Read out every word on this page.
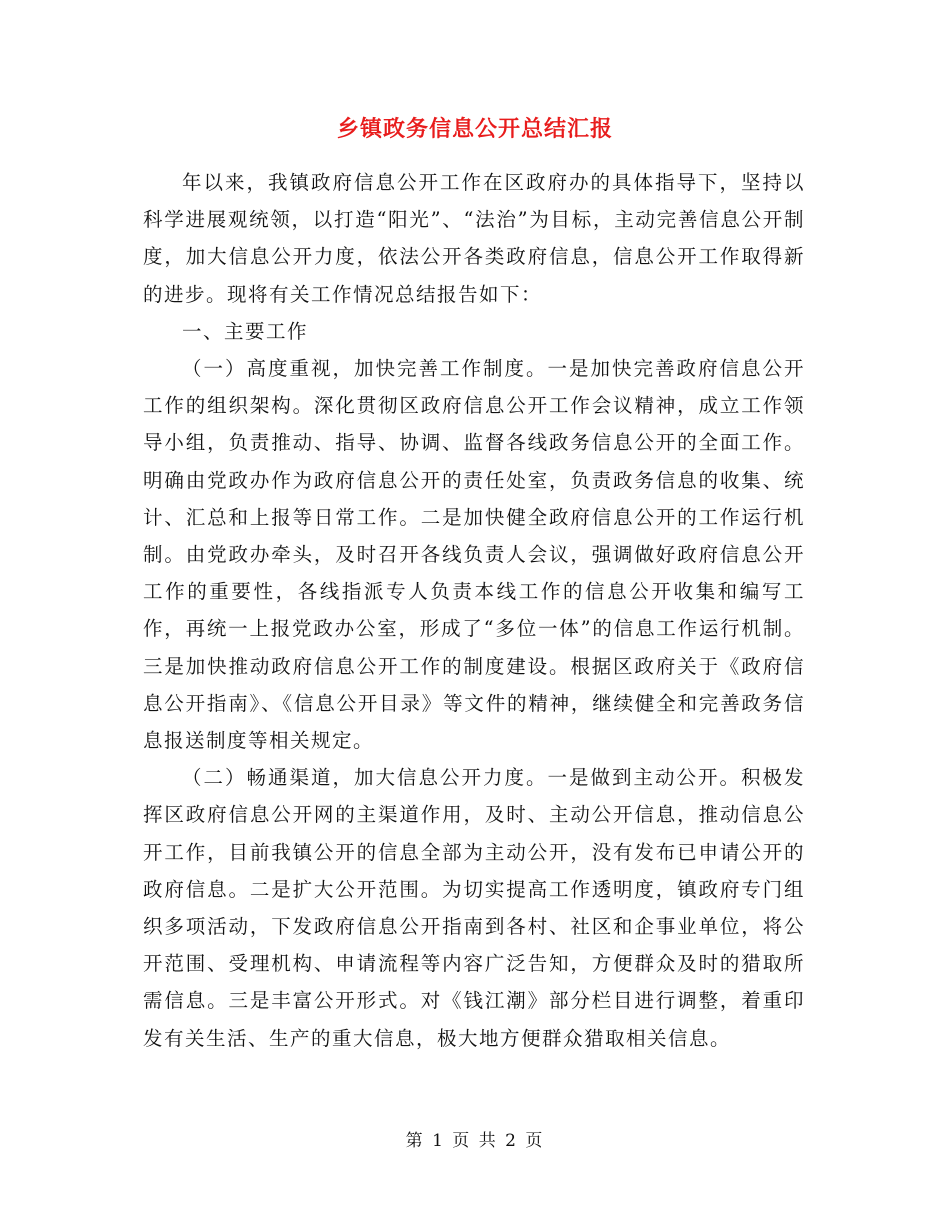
乡镇政务信息公开总结汇报

年以来，我镇政府信息公开工作在区政府办的具体指导下，坚持以科学进展观统领，以打造“阳光”、“法治”为目标，主动完善信息公开制度，加大信息公开力度，依法公开各类政府信息，信息公开工作取得新的进步。现将有关工作情况总结报告如下：

一、主要工作

（一）高度重视，加快完善工作制度。一是加快完善政府信息公开工作的组织架构。深化贯彻区政府信息公开工作会议精神，成立工作领导小组，负责推动、指导、协调、监督各线政务信息公开的全面工作。明确由党政办作为政府信息公开的责任处室，负责政务信息的收集、统计、汇总和上报等日常工作。二是加快健全政府信息公开的工作运行机制。由党政办牵头，及时召开各线负责人会议，强调做好政府信息公开工作的重要性，各线指派专人负责本线工作的信息公开收集和编写工作，再统一上报党政办公室，形成了“多位一体”的信息工作运行机制。三是加快推动政府信息公开工作的制度建设。根据区政府关于《政府信息公开指南》、《信息公开目录》等文件的精神，继续健全和完善政务信息报送制度等相关规定。

（二）畅通渠道，加大信息公开力度。一是做到主动公开。积极发挥区政府信息公开网的主渠道作用，及时、主动公开信息，推动信息公开工作，目前我镇公开的信息全部为主动公开，没有发布已申请公开的政府信息。二是扩大公开范围。为切实提高工作透明度，镇政府专门组织多项活动，下发政府信息公开指南到各村、社区和企事业单位，将公开范围、受理机构、申请流程等内容广泛告知，方便群众及时的猎取所需信息。三是丰富公开形式。对《钱江潮》部分栏目进行调整，着重印发有关生活、生产的重大信息，极大地方便群众猎取相关信息。

第 1 页 共 2 页
